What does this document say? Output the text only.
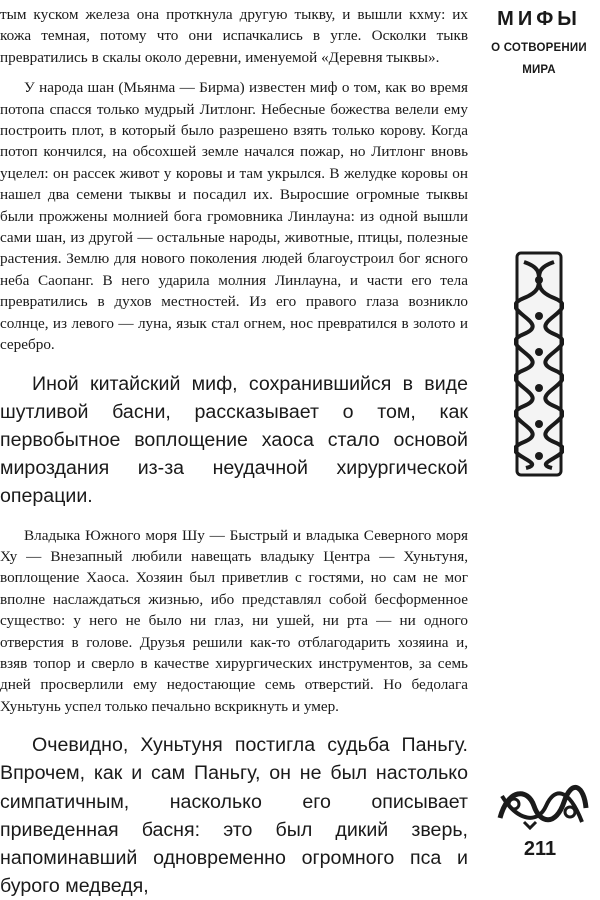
тым куском железа она проткнула другую тыкву, и вышли кхму: их кожа темная, потому что они испачкались в угле. Осколки тыкв превратились в скалы около деревни, именуемой «Деревня тыквы».

У народа шан (Мьянма — Бирма) известен миф о том, как во время потопа спасся только мудрый Литлонг. Небесные божества велели ему построить плот, в который было разрешено взять только корову. Когда потоп кончился, на обсохшей земле начался пожар, но Литлонг вновь уцелел: он рассек живот у коровы и там укрылся. В желудке коровы он нашел два семени тыквы и посадил их. Выросшие огромные тыквы были прожжены молнией бога громовника Линлауна: из одной вышли сами шан, из другой — остальные народы, животные, птицы, полезные растения. Землю для нового поколения людей благоустроил бог ясного неба Саопанг. В него ударила молния Линлауна, и части его тела превратились в духов местностей. Из его правого глаза возникло солнце, из левого — луна, язык стал огнем, нос превратился в золото и серебро.

Иной китайский миф, сохранившийся в виде шутливой басни, рассказывает о том, как первобытное воплощение хаоса стало основой мироздания из-за неудачной хирургической операции.

Владыка Южного моря Шу — Быстрый и владыка Северного моря Ху — Внезапный любили навещать владыку Центра — Хуньтуня, воплощение Хаоса. Хозяин был приветлив с гостями, но сам не мог вполне наслаждаться жизнью, ибо представлял собой бесформенное существо: у него не было ни глаз, ни ушей, ни рта — ни одного отверстия в голове. Друзья решили как-то отблагодарить хозяина и, взяв топор и сверло в качестве хирургических инструментов, за семь дней просверлили ему недостающие семь отверстий. Но бедолага Хуньтунь успел только печально вскрикнуть и умер.

Очевидно, Хуньтуня постигла судьба Паньгу. Впрочем, как и сам Паньгу, он не был настолько симпатичным, насколько его описывает приведенная басня: это был дикий зверь, напоминавший одновременно огромного пса и бурого медведя,

МИФЫ
О СОТВОРЕНИИ
МИРА
211
